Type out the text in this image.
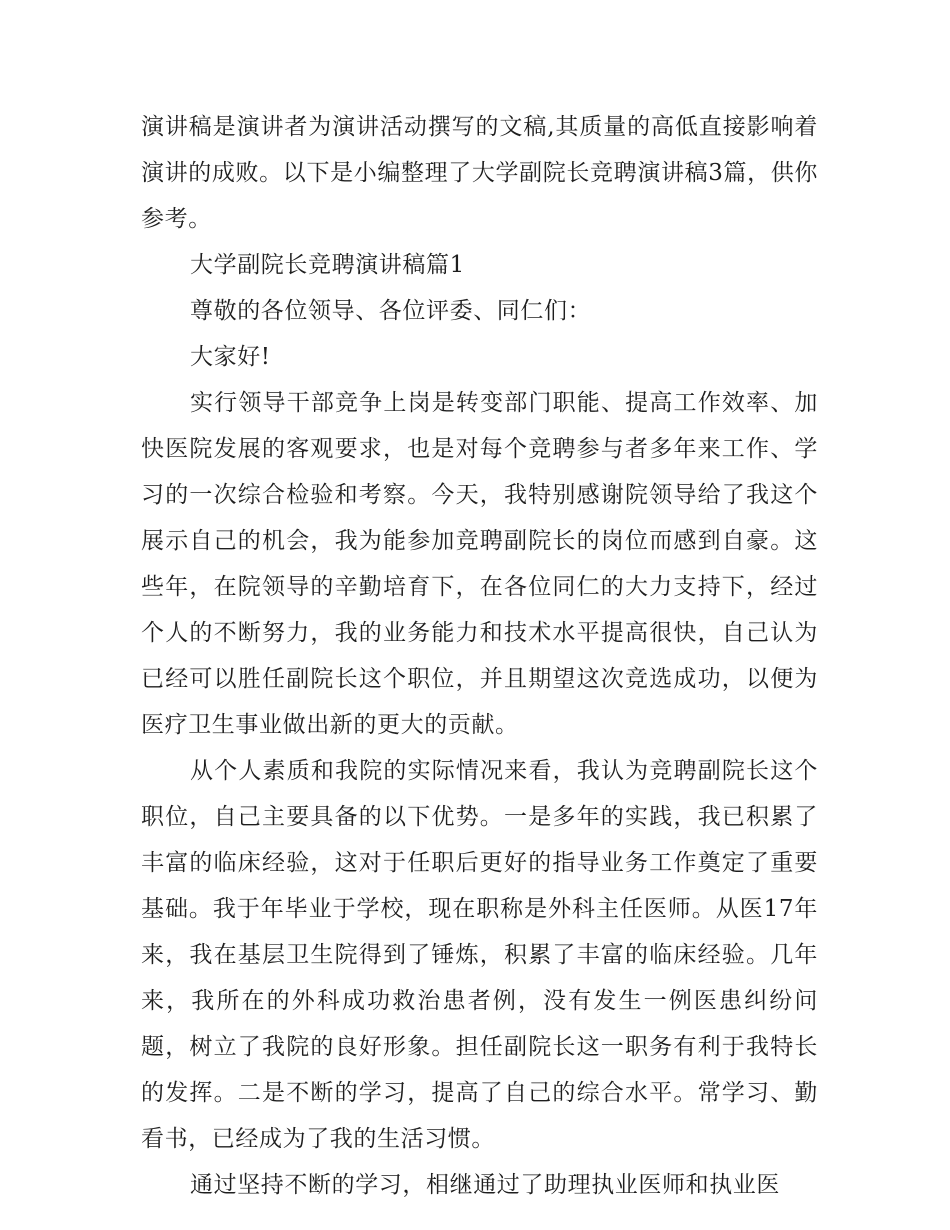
演讲稿是演讲者为演讲活动撰写的文稿,其质量的高低直接影响着演讲的成败。以下是小编整理了大学副院长竞聘演讲稿3篇，供你参考。

大学副院长竞聘演讲稿篇1

尊敬的各位领导、各位评委、同仁们：

大家好!

实行领导干部竞争上岗是转变部门职能、提高工作效率、加快医院发展的客观要求，也是对每个竞聘参与者多年来工作、学习的一次综合检验和考察。今天，我特别感谢院领导给了我这个展示自己的机会，我为能参加竞聘副院长的岗位而感到自豪。这些年，在院领导的辛勤培育下，在各位同仁的大力支持下，经过个人的不断努力，我的业务能力和技术水平提高很快，自己认为已经可以胜任副院长这个职位，并且期望这次竞选成功，以便为医疗卫生事业做出新的更大的贡献。

从个人素质和我院的实际情况来看，我认为竞聘副院长这个职位，自己主要具备的以下优势。一是多年的实践，我已积累了丰富的临床经验，这对于任职后更好的指导业务工作奠定了重要基础。我于年毕业于学校，现在职称是外科主任医师。从医17年来，我在基层卫生院得到了锤炼，积累了丰富的临床经验。几年来，我所在的外科成功救治患者例，没有发生一例医患纠纷问题，树立了我院的良好形象。担任副院长这一职务有利于我特长的发挥。二是不断的学习，提高了自己的综合水平。常学习、勤看书，已经成为了我的生活习惯。

通过坚持不断的学习，相继通过了助理执业医师和执业医
